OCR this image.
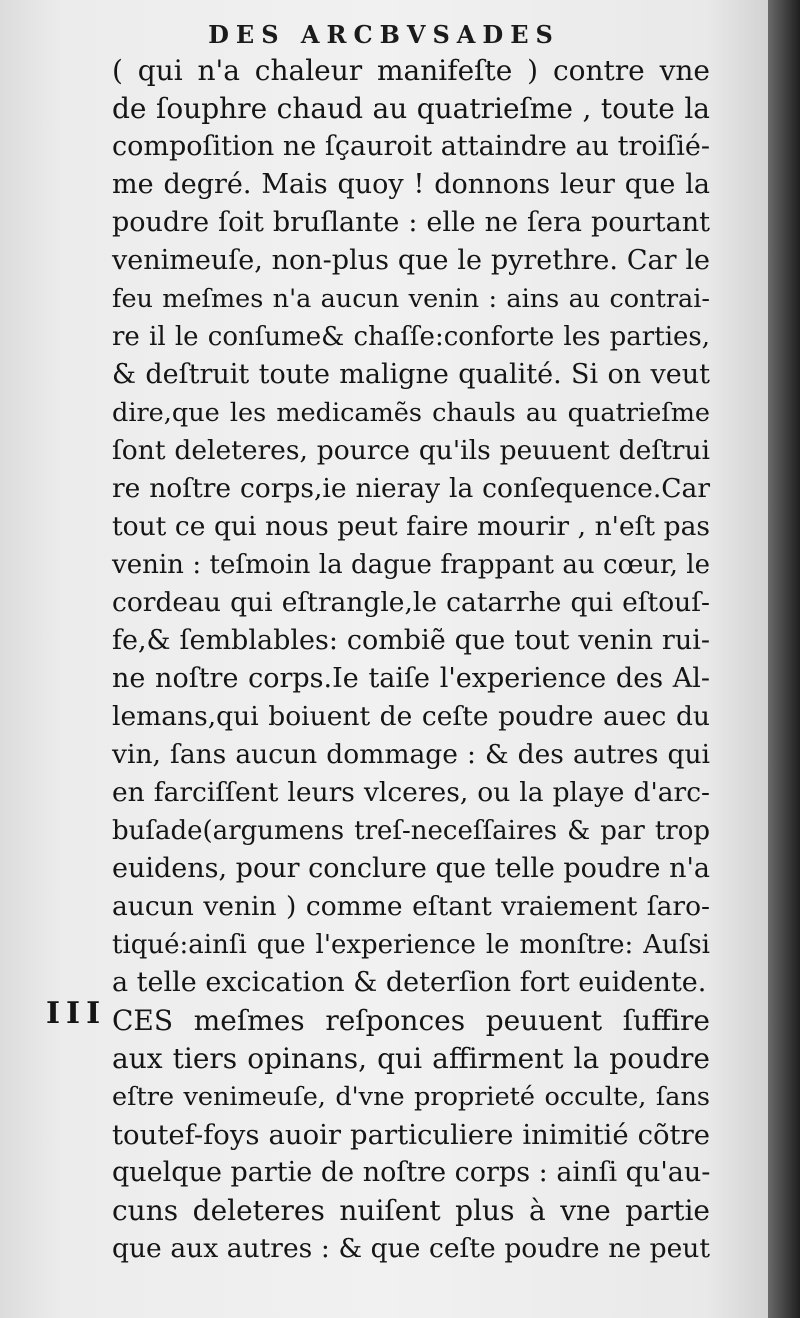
DES ARCBVSADES
( qui n'a chaleur manifeſte ) contre vne
de ſouphre chaud au quatrieſme , toute la
compoſition ne ſçauroit attaindre au troiſié-
me degré. Mais quoy ! donnons leur que la
poudre ſoit bruſlante : elle ne ſera pourtant
venimeuſe, non-plus que le pyrethre. Car le
feu meſmes n'a aucun venin : ains au contrai-
re il le conſume& chaſſe:conforte les parties,
& deſtruit toute maligne qualité. Si on veut
dire,que les medicamẽs chauls au quatrieſme
ſont deleteres, pource qu'ils peuuent deſtrui
re noſtre corps,ie nieray la conſequence.Car
tout ce qui nous peut faire mourir , n'eſt pas
venin : teſmoin la dague frappant au cœur, le
cordeau qui eſtrangle,le catarrhe qui eſtouſ-
fe,& ſemblables: combiẽ que tout venin rui-
ne noſtre corps.Ie taiſe l'experience des Al-
lemans,qui boiuent de ceſte poudre auec du
vin, ſans aucun dommage : & des autres qui
en farciſſent leurs vlceres, ou la playe d'arc-
buſade(argumens treſ-neceſſaires & par trop
euidens, pour conclure que telle poudre n'a
aucun venin ) comme eſtant vraiement ſaro-
tiqué:ainſi que l'experience le monſtre: Auſsi
a telle excication & deterſion fort euidente.
CES meſmes reſponces peuuent ſuffire
aux tiers opinans, qui affirment la poudre
eſtre venimeuſe, d'vne proprieté occulte, ſans
toutef-foys auoir particuliere inimitié cõtre
quelque partie de noſtre corps : ainſi qu'au-
cuns deleteres nuiſent plus à vne partie
que aux autres : & que ceſte poudre ne peut
III
